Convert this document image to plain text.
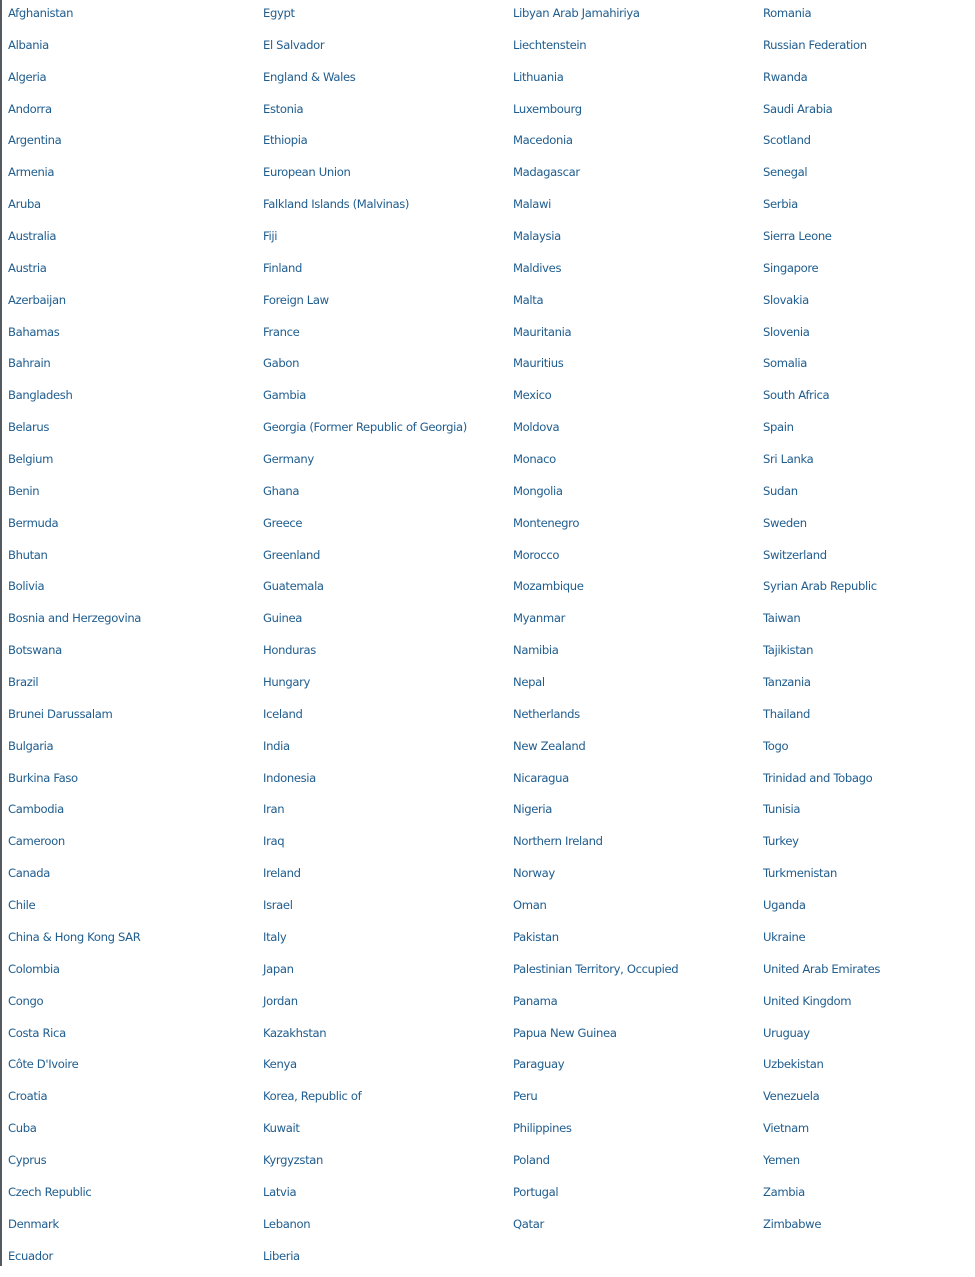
Afghanistan
Albania
Algeria
Andorra
Argentina
Armenia
Aruba
Australia
Austria
Azerbaijan
Bahamas
Bahrain
Bangladesh
Belarus
Belgium
Benin
Bermuda
Bhutan
Bolivia
Bosnia and Herzegovina
Botswana
Brazil
Brunei Darussalam
Bulgaria
Burkina Faso
Cambodia
Cameroon
Canada
Chile
China & Hong Kong SAR
Colombia
Congo
Costa Rica
Côte D'Ivoire
Croatia
Cuba
Cyprus
Czech Republic
Denmark
Ecuador
Egypt
El Salvador
England & Wales
Estonia
Ethiopia
European Union
Falkland Islands (Malvinas)
Fiji
Finland
Foreign Law
France
Gabon
Gambia
Georgia (Former Republic of Georgia)
Germany
Ghana
Greece
Greenland
Guatemala
Guinea
Honduras
Hungary
Iceland
India
Indonesia
Iran
Iraq
Ireland
Israel
Italy
Japan
Jordan
Kazakhstan
Kenya
Korea, Republic of
Kuwait
Kyrgyzstan
Latvia
Lebanon
Liberia
Libyan Arab Jamahiriya
Liechtenstein
Lithuania
Luxembourg
Macedonia
Madagascar
Malawi
Malaysia
Maldives
Malta
Mauritania
Mauritius
Mexico
Moldova
Monaco
Mongolia
Montenegro
Morocco
Mozambique
Myanmar
Namibia
Nepal
Netherlands
New Zealand
Nicaragua
Nigeria
Northern Ireland
Norway
Oman
Pakistan
Palestinian Territory, Occupied
Panama
Papua New Guinea
Paraguay
Peru
Philippines
Poland
Portugal
Qatar
Romania
Russian Federation
Rwanda
Saudi Arabia
Scotland
Senegal
Serbia
Sierra Leone
Singapore
Slovakia
Slovenia
Somalia
South Africa
Spain
Sri Lanka
Sudan
Sweden
Switzerland
Syrian Arab Republic
Taiwan
Tajikistan
Tanzania
Thailand
Togo
Trinidad and Tobago
Tunisia
Turkey
Turkmenistan
Uganda
Ukraine
United Arab Emirates
United Kingdom
Uruguay
Uzbekistan
Venezuela
Vietnam
Yemen
Zambia
Zimbabwe
